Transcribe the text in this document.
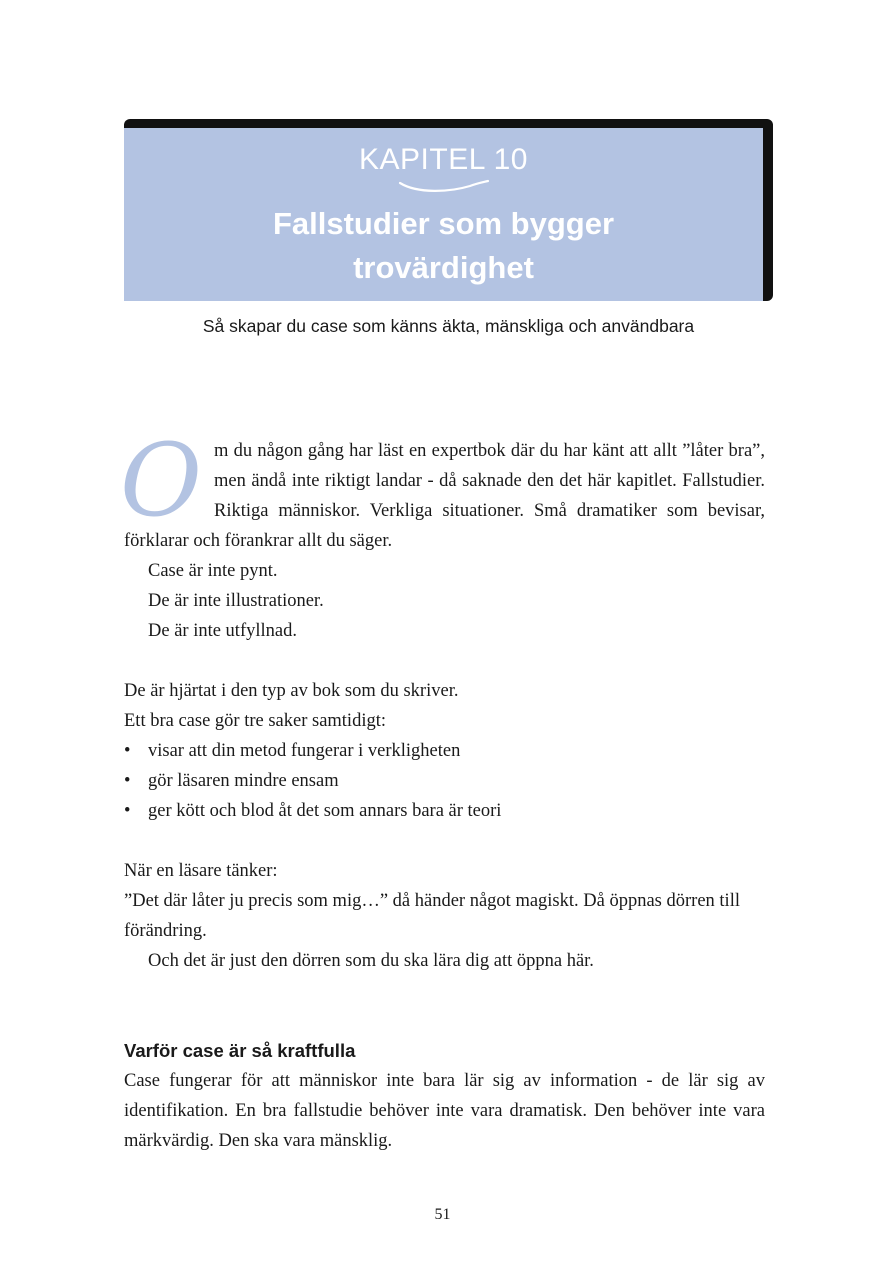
KAPITEL 10
Fallstudier som bygger
trovärdighet
Så skapar du case som känns äkta, mänskliga och användbara

O m du någon gång har läst en expertbok där du har känt att allt ”låter bra”, men ändå inte riktigt landar - då saknade den det här kapitlet. Fallstudier. Riktiga människor. Verkliga situationer. Små dramatiker som bevisar, förklarar och förankrar allt du säger.

Case är inte pynt.

De är inte illustrationer.

De är inte utfyllnad.

De är hjärtat i den typ av bok som du skriver.

Ett bra case gör tre saker samtidigt:

• visar att din metod fungerar i verkligheten
• gör läsaren mindre ensam
• ger kött och blod åt det som annars bara är teori

När en läsare tänker:

”Det där låter ju precis som mig…” då händer något magiskt. Då öppnas dörren till förändring.

Och det är just den dörren som du ska lära dig att öppna här.

Varför case är så kraftfulla

Case fungerar för att människor inte bara lär sig av information - de lär sig av identifikation. En bra fallstudie behöver inte vara dramatisk. Den behöver inte vara märkvärdig. Den ska vara mänsklig.

51
